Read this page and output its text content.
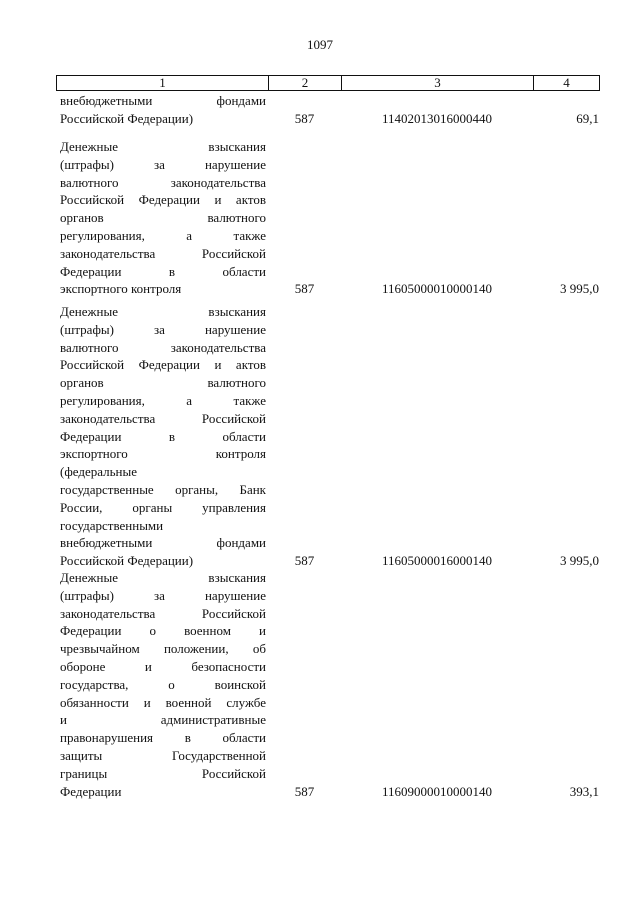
1097
1	2	3	4
внебюджетными фондами
Российской Федерации)	587	11402013016000440	69,1
Денежные взыскания
(штрафы) за нарушение
валютного законодательства
Российской Федерации и актов
органов валютного
регулирования, а также
законодательства Российской
Федерации в области
экспортного контроля	587	11605000010000140	3 995,0
Денежные взыскания
(штрафы) за нарушение
валютного законодательства
Российской Федерации и актов
органов валютного
регулирования, а также
законодательства Российской
Федерации в области
экспортного контроля
(федеральные
государственные органы, Банк
России, органы управления
государственными
внебюджетными фондами
Российской Федерации)	587	11605000016000140	3 995,0
Денежные взыскания
(штрафы) за нарушение
законодательства Российской
Федерации о военном и
чрезвычайном положении, об
обороне и безопасности
государства, о воинской
обязанности и военной службе
и административные
правонарушения в области
защиты Государственной
границы Российской
Федерации	587	11609000010000140	393,1
